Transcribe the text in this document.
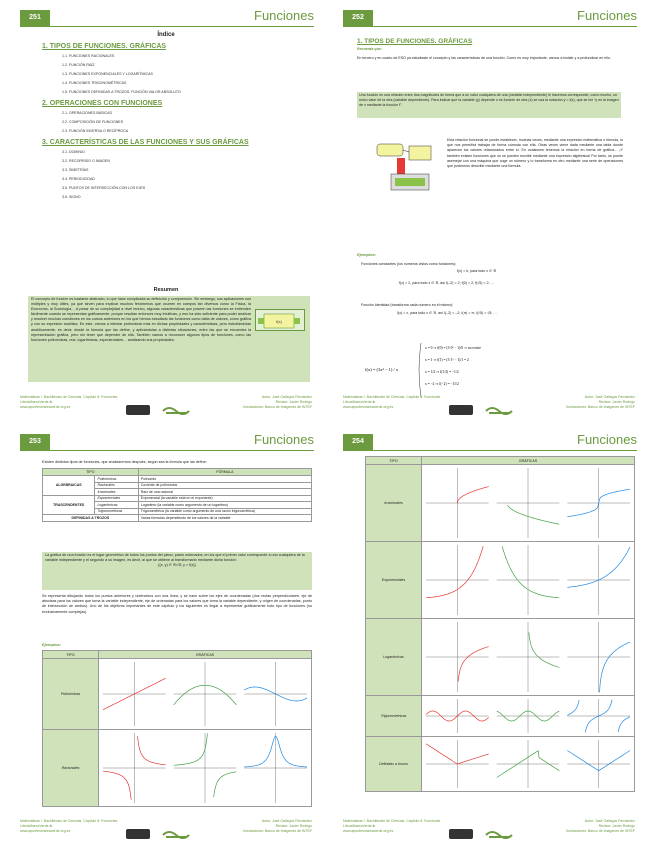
251	Funciones
Índice
1. TIPOS DE FUNCIONES. GRÁFICAS
1.1. FUNCIONES RACIONALES
1.2. FUNCIÓN RAÍZ
1.3. FUNCIONES EXPONENCIALES Y LOGARÍTMICAS
1.4. FUNCIONES TRIGONOMÉTRICAS
1.5. FUNCIONES DEFINIDAS A TROZOS. FUNCIÓN VALOR ABSOLUTO
2. OPERACIONES CON FUNCIONES
2.1. OPERACIONES BÁSICAS
2.2. COMPOSICIÓN DE FUNCIONES
2.3. FUNCIÓN INVERSA O RECÍPROCA
3. CARACTERÍSTICAS DE LAS FUNCIONES Y SUS GRÁFICAS
3.1. DOMINIO
3.2. RECORRIDO O IMAGEN
3.3. SIMETRÍAS
3.4. PERIODICIDAD
3.5. PUNTOS DE INTERSECCIÓN CON LOS EJES
3.6. SIGNO
Resumen
f(x)
El concepto de función es bastante abstracto, lo que hace complicada su definición y comprensión. Sin embargo, sus aplicaciones son múltiples y muy útiles, ya que sirven para explicar muchos fenómenos que ocurren en campos tan diversos como la Física, la Economía, la Sociología… A pesar de su complejidad a nivel teórico, algunas características que poseen las funciones se entienden fácilmente cuando se representan gráficamente, porque resultan entonces muy intuitivas, y eso ha sido suficiente para poder analizar y resolver muchas cuestiones en los cursos anteriores en los que hemos estudiado las funciones como tabla de valores, como gráfica y con su expresión analítica. En este, vamos a intentar profundizar más en dichas propiedades y características, pero estudiándolas analíticamente, es decir, desde la fórmula que las define, y aplicándolas a distintas situaciones, entre las que se encuentra la representación gráfica, pero sin tener que depender de ella. También vamos a reconocer algunos tipos de funciones, como las funciones polinómicas, raíz, logarítmicas, exponenciales… analizando sus propiedades.
Matemáticas I. Bachillerato de Ciencias. Capítulo 6: Funciones
LibrosMareaVerde.tk
www.apuntesmareaverde.org.es
Autor: José Gallegos Fernández
Revisor: Javier Rodrigo
Ilustraciones: Banco de Imágenes de INTEF
252	Funciones
1. TIPOS DE FUNCIONES. GRÁFICAS
Recuerda que:
En tercero y en cuarto de ESO ya estudiaste el concepto y las características de una función. Como es muy importante, vamos a insistir y a profundizar en ello.
Una función es una relación entre dos magnitudes de forma que a un valor cualquiera de una (variable independiente) le hacemos corresponder, como mucho, un único valor de la otra (variable dependiente). Para indicar que la variable (y) depende o es función de otra (x) se usa la notación y = f(x), que se lee “y es la imagen de x mediante la función f”.
Esta relación funcional se puede establecer, muchas veces, mediante una expresión matemática o fórmula, lo que nos permitirá trabajar de forma cómoda con ella. Otras veces viene dada mediante una tabla donde aparecen los valores relacionados entre sí. En ocasiones tenemos la relación en forma de gráfica… ¡Y también existen funciones que no se pueden escribir mediante una expresión algebraica! Por tanto, se puede asemejar con una máquina que coge un número y lo transforma en otro mediante una serie de operaciones que podremos describir mediante una fórmula.
Ejemplos:
Funciones constantes (los números vistos como funciones):
f(x) = k, para todo x ∈ ℜ
f(x) = 2, para todo x ∈ ℜ, así f(–2) = 2; f(0) = 2; f(√5) = 2; …
Función identidad (transforma cada número en él mismo):
I(x) = x, para todo x ∈ ℜ, así I(–2) = –2; I(π) = π; I(√5) = √5; …
f(x) = (3x² − 1) / x
x = 0 ⇒ f(0) = (3·0² − 1)/0 ⇒ no existe
x = 1 ⇒ f(1) = (3·1² − 1)/1 = 2
x = 1/2 ⇒ f(1/2) = −1/2
x = −2 ⇒ f(−2) = −11/2
Matemáticas I. Bachillerato de Ciencias. Capítulo 6: Funciones
LibrosMareaVerde.tk
www.apuntesmareaverde.org.es
Autor: José Gallegos Fernández
Revisor: Javier Rodrigo
Ilustraciones: Banco de Imágenes de INTEF
253	Funciones
Existen distintos tipos de funciones, que analizaremos después, según sea la fórmula que las define:
TIPO		FÓRMULA
ALGEBRAICAS	Polinómicas	Polinomio
	Racionales	Cociente de polinomios
	Irracionales	Raíz de una racional
TRASCENDENTES	Exponenciales	Exponencial (la variable está en el exponente)
	Logarítmicas	Logaritmo (la variable como argumento de un logaritmo)
	Trigonométricas	Trigonométrica (la variable como argumento de una razón trigonométrica)
DEFINIDAS A TROZOS		Varias fórmulas dependiendo de los valores de la variable
La gráfica de una función es el lugar geométrico de todos los puntos del plano, pares ordenados, en los que el primer valor corresponde a uno cualquiera de la variable independiente y el segundo a su imagen, es decir, al que se obtiene al transformarlo mediante dicha función:
{(x, y) ∈ ℜ×ℜ; y = f(x)}
Se representa dibujando todos los puntos anteriores y uniéndolos con una línea, y se hace sobre los ejes de coordenadas (dos rectas perpendiculares: eje de abscisas para los valores que toma la variable independiente, eje de ordenadas para los valores que toma la variable dependiente, y origen de coordenadas, punto de intersección de ambos). Uno de los objetivos importantes de este capítulo y los siguientes es llegar a representar gráficamente todo tipo de funciones (no exclusivamente complejas).
Ejemplos:
TIPO	GRÁFICAS
Polinómicas	

Racionales	
Matemáticas I. Bachillerato de Ciencias. Capítulo 6: Funciones
LibrosMareaVerde.tk
www.apuntesmareaverde.org.es
Autor: José Gallegos Fernández
Revisor: Javier Rodrigo
Ilustraciones: Banco de Imágenes de INTEF
254	Funciones
TIPO	GRÁFICAS
Irracionales	

Exponenciales	

Logarítmicas	

Trigonométricas	

Definidas a trozos	
Matemáticas I. Bachillerato de Ciencias. Capítulo 6: Funciones
LibrosMareaVerde.tk
www.apuntesmareaverde.org.es
Autor: José Gallegos Fernández
Revisor: Javier Rodrigo
Ilustraciones: Banco de Imágenes de INTEF
